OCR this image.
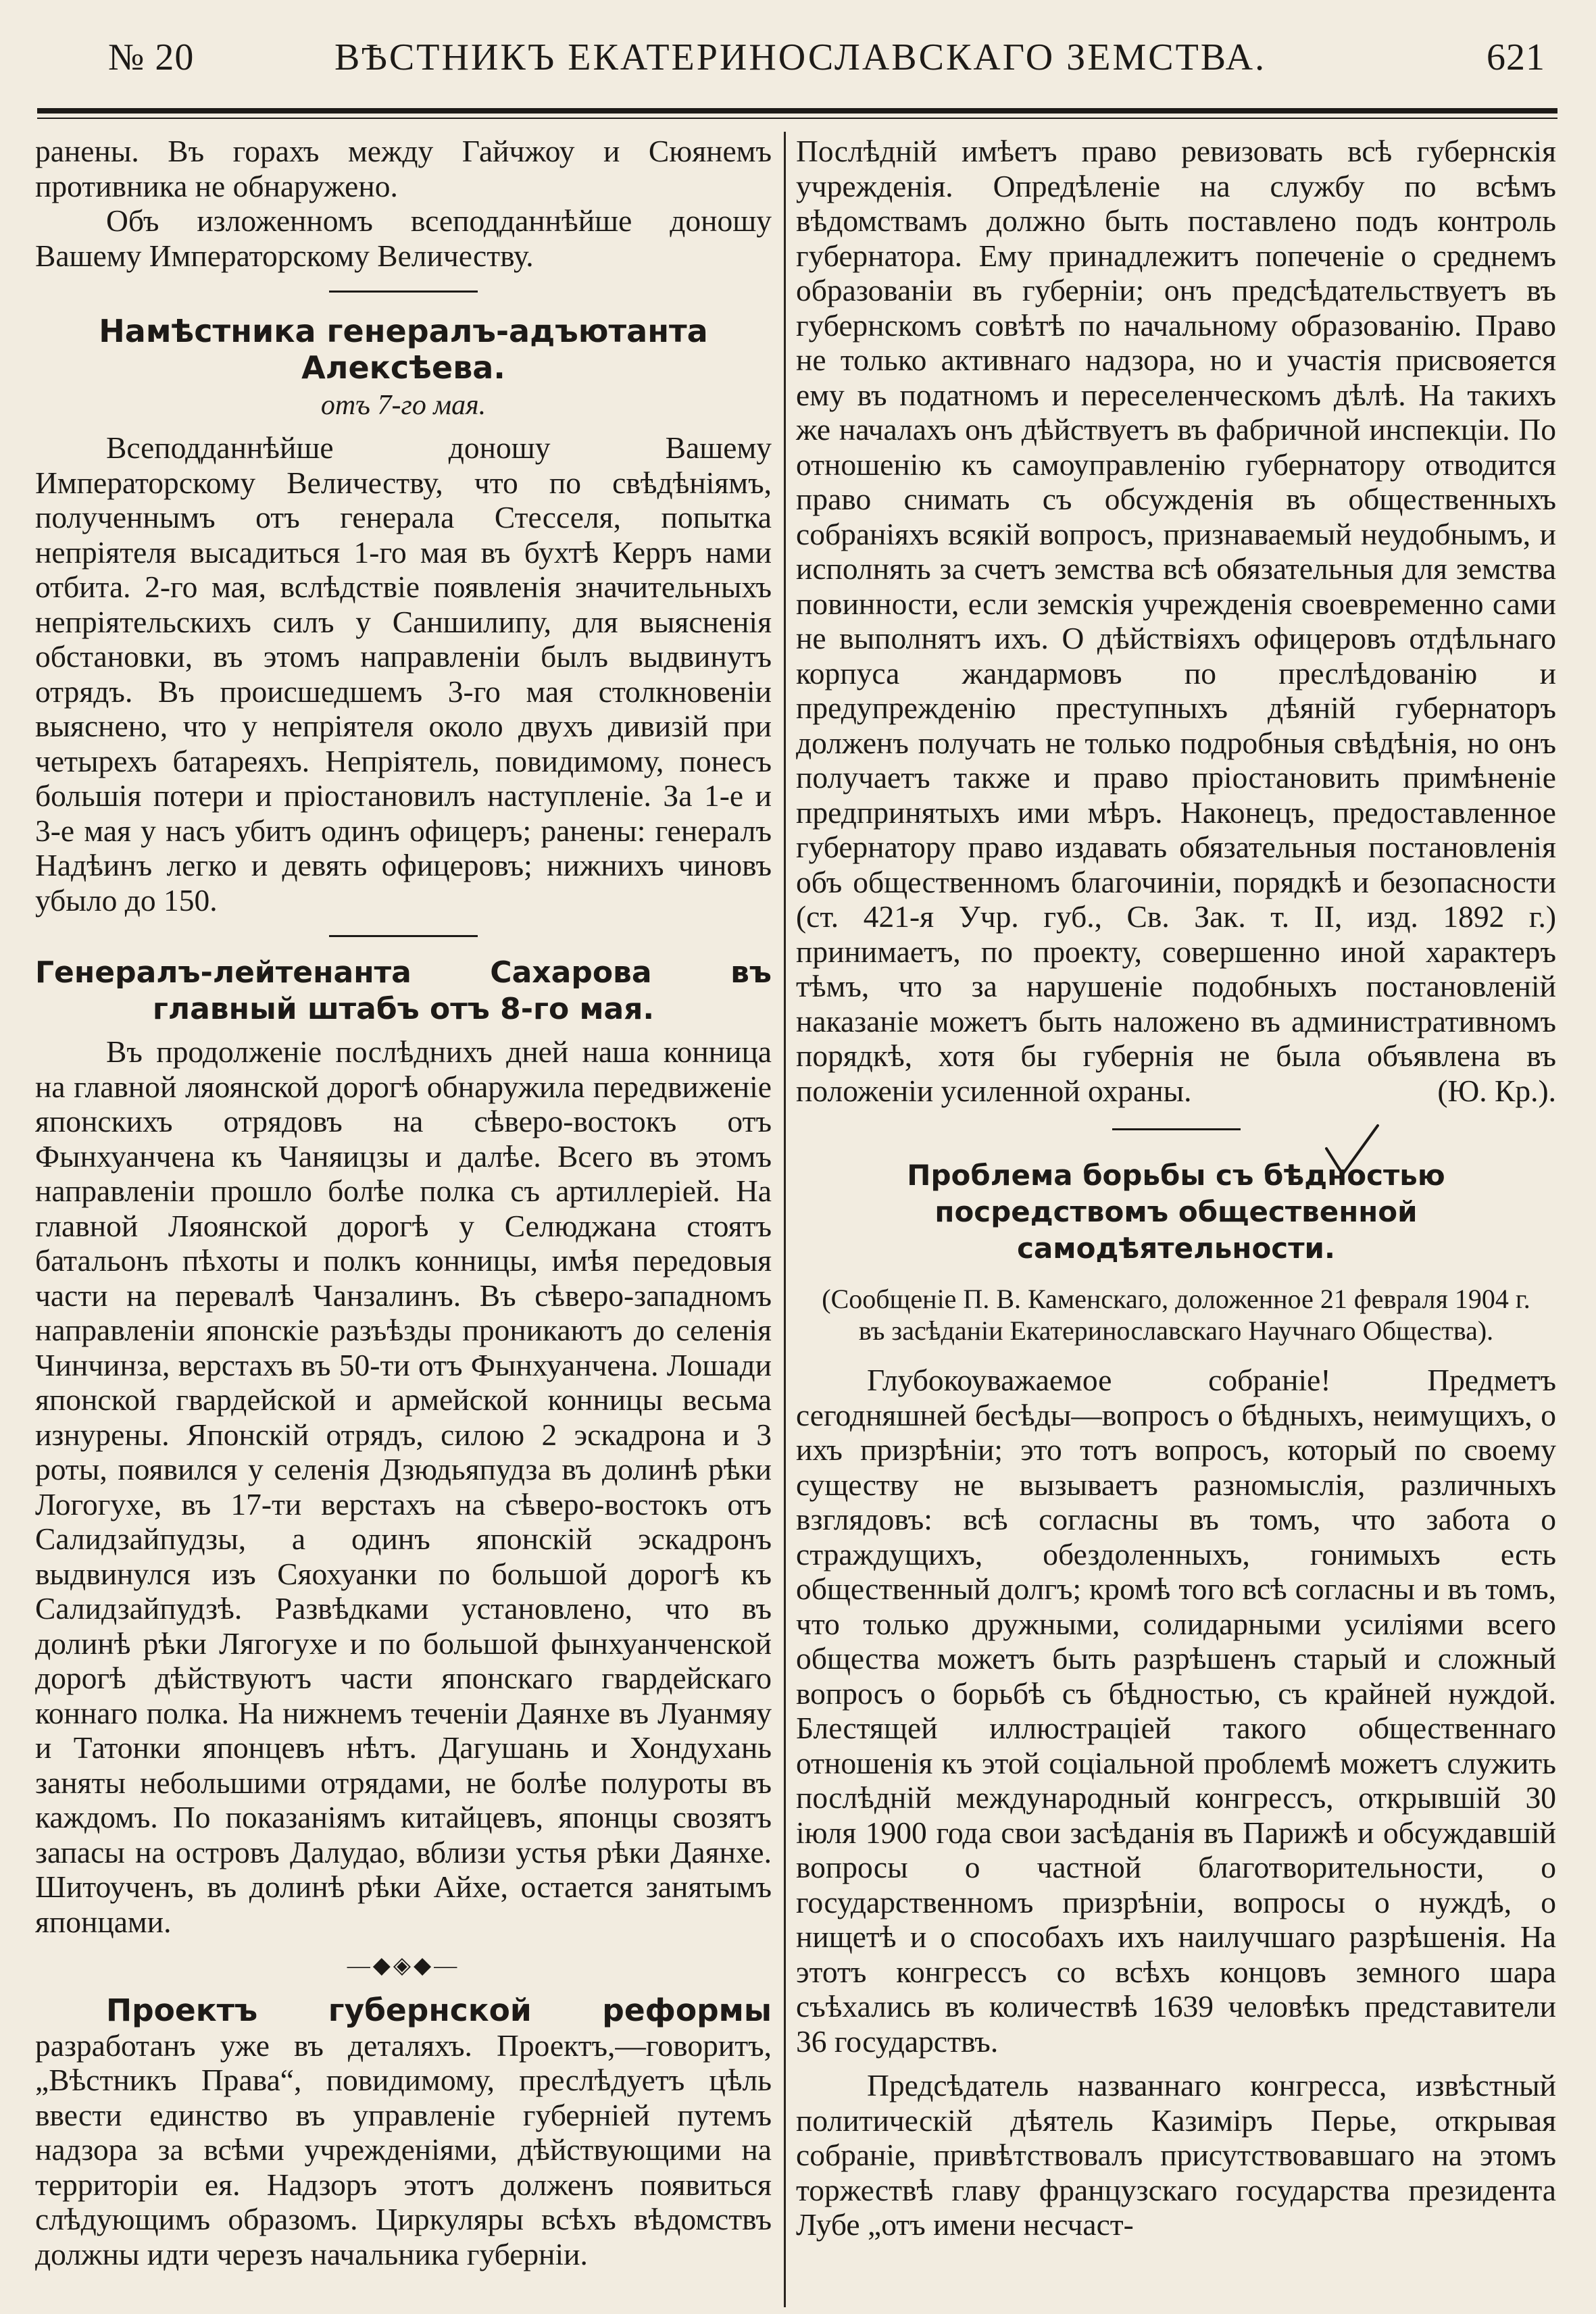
№ 20	ВѢСТНИКЪ ЕКАТЕРИНОСЛАВСКАГО ЗЕМСТВА.	621

ранены. Въ горахъ между Гайчжоу и Сюянемъ противника не обнаружено.

Объ изложенномъ всеподданнѣйше доношу Вашему Императорскому Величеству.

Намѣстника генералъ-адъютанта Алексѣева.

отъ 7-го мая.

Всеподданнѣйше доношу Вашему Императорскому Величеству, что по свѣдѣніямъ, полученнымъ отъ генерала Стесселя, попытка непріятеля высадиться 1-го мая въ бухтѣ Керръ нами отбита. 2-го мая, вслѣдствіе появленія значительныхъ непріятельскихъ силъ у Саншилипу, для выясненія обстановки, въ этомъ направленіи былъ выдвинутъ отрядъ. Въ происшедшемъ 3-го мая столкновеніи выяснено, что у непріятеля около двухъ дивизій при четырехъ батареяхъ. Непріятель, повидимому, понесъ большія потери и пріостановилъ наступленіе. За 1-е и 3-е мая у насъ убитъ одинъ офицеръ; ранены: генералъ Надѣинъ легко и девять офицеровъ; нижнихъ чиновъ убыло до 150.

Генералъ-лейтенанта Сахарова въ главный штабъ отъ 8-го мая.

Въ продолженіе послѣднихъ дней наша конница на главной ляоянской дорогѣ обнаружила передвиженіе японскихъ отрядовъ на сѣверо-востокъ отъ Фынхуанчена къ Чаняицзы и далѣе. Всего въ этомъ направленіи прошло болѣе полка съ артиллеріей. На главной Ляоянской дорогѣ у Селюджана стоятъ батальонъ пѣхоты и полкъ конницы, имѣя передовыя части на перевалѣ Чанзалинъ. Въ сѣверо-западномъ направленіи японскіе разъѣзды проникаютъ до селенія Чинчинза, верстахъ въ 50-ти отъ Фынхуанчена. Лошади японской гвардейской и армейской конницы весьма изнурены. Японскій отрядъ, силою 2 эскадрона и 3 роты, появился у селенія Дзюдьяпудза въ долинѣ рѣки Логогухе, въ 17-ти верстахъ на сѣверо-востокъ отъ Салидзайпудзы, а одинъ японскій эскадронъ выдвинулся изъ Сяохуанки по большой дорогѣ къ Салидзайпудзѣ. Развѣдками установлено, что въ долинѣ рѣки Лягогухе и по большой фынхуанченской дорогѣ дѣйствуютъ части японскаго гвардейскаго коннаго полка. На нижнемъ теченіи Даянхе въ Луанмяу и Татонки японцевъ нѣтъ. Дагушань и Хондухань заняты небольшими отрядами, не болѣе полуроты въ каждомъ. По показаніямъ китайцевъ, японцы свозятъ запасы на островъ Далудао, вблизи устья рѣки Даянхе. Шитоученъ, въ долинѣ рѣки Айхе, остается занятымъ японцами.

—◆◈◆—

Проектъ губернской реформы разработанъ уже въ деталяхъ. Проектъ,—говоритъ, „Вѣстникъ Права“, повидимому, преслѣдуетъ цѣль ввести единство въ управленіе губерніей путемъ надзора за всѣми учрежденіями, дѣйствующими на территоріи ея. Надзоръ этотъ долженъ появиться слѣдующимъ образомъ. Циркуляры всѣхъ вѣдомствъ должны идти черезъ начальника губерніи.

Послѣдній имѣетъ право ревизовать всѣ губернскія учрежденія. Опредѣленіе на службу по всѣмъ вѣдомствамъ должно быть поставлено подъ контроль губернатора. Ему принадлежитъ попеченіе о среднемъ образованіи въ губерніи; онъ предсѣдательствуетъ въ губернскомъ совѣтѣ по начальному образованію. Право не только активнаго надзора, но и участія присвояется ему въ податномъ и переселенческомъ дѣлѣ. На такихъ же началахъ онъ дѣйствуетъ въ фабричной инспекціи. По отношенію къ самоуправленію губернатору отводится право снимать съ обсужденія въ общественныхъ собраніяхъ всякій вопросъ, признаваемый неудобнымъ, и исполнять за счетъ земства всѣ обязательныя для земства повинности, если земскія учрежденія своевременно сами не выполнятъ ихъ. О дѣйствіяхъ офицеровъ отдѣльнаго корпуса жандармовъ по преслѣдованію и предупрежденію преступныхъ дѣяній губернаторъ долженъ получать не только подробныя свѣдѣнія, но онъ получаетъ также и право пріостановить примѣненіе предпринятыхъ ими мѣръ. Наконецъ, предоставленное губернатору право издавать обязательныя постановленія объ общественномъ благочиніи, порядкѣ и безопасности (ст. 421-я Учр. губ., Св. Зак. т. II, изд. 1892 г.) принимаетъ, по проекту, совершенно иной характеръ тѣмъ, что за нарушеніе подобныхъ постановленій наказаніе можетъ быть наложено въ административномъ порядкѣ, хотя бы губернія не была объявлена въ положеніи усиленной охраны.	(Ю. Кр.).

Проблема борьбы съ бѣдностью посредствомъ общественной самодѣятельности.

(Сообщеніе П. В. Каменскаго, доложенное 21 февраля 1904 г. въ засѣданіи Екатеринославскаго Научнаго Общества).

Глубокоуважаемое собраніе! Предметъ сегодняшней бесѣды—вопросъ о бѣдныхъ, неимущихъ, о ихъ призрѣніи; это тотъ вопросъ, который по своему существу не вызываетъ разномыслія, различныхъ взглядовъ: всѣ согласны въ томъ, что забота о страждущихъ, обездоленныхъ, гонимыхъ есть общественный долгъ; кромѣ того всѣ согласны и въ томъ, что только дружными, солидарными усиліями всего общества можетъ быть разрѣшенъ старый и сложный вопросъ о борьбѣ съ бѣдностью, съ крайней нуждой. Блестящей иллюстраціей такого общественнаго отношенія къ этой соціальной проблемѣ можетъ служить послѣдній международный конгрессъ, открывшій 30 іюля 1900 года свои засѣданія въ Парижѣ и обсуждавшій вопросы о частной благотворительности, о государственномъ призрѣніи, вопросы о нуждѣ, о нищетѣ и о способахъ ихъ наилучшаго разрѣшенія. На этотъ конгрессъ со всѣхъ концовъ земного шара съѣхались въ количествѣ 1639 человѣкъ представители 36 государствъ.

Предсѣдатель названнаго конгресса, извѣстный политическій дѣятель Казиміръ Перье, открывая собраніе, привѣтствовалъ присутствовавшаго на этомъ торжествѣ главу французскаго государства президента Лубе „отъ имени несчаст-
